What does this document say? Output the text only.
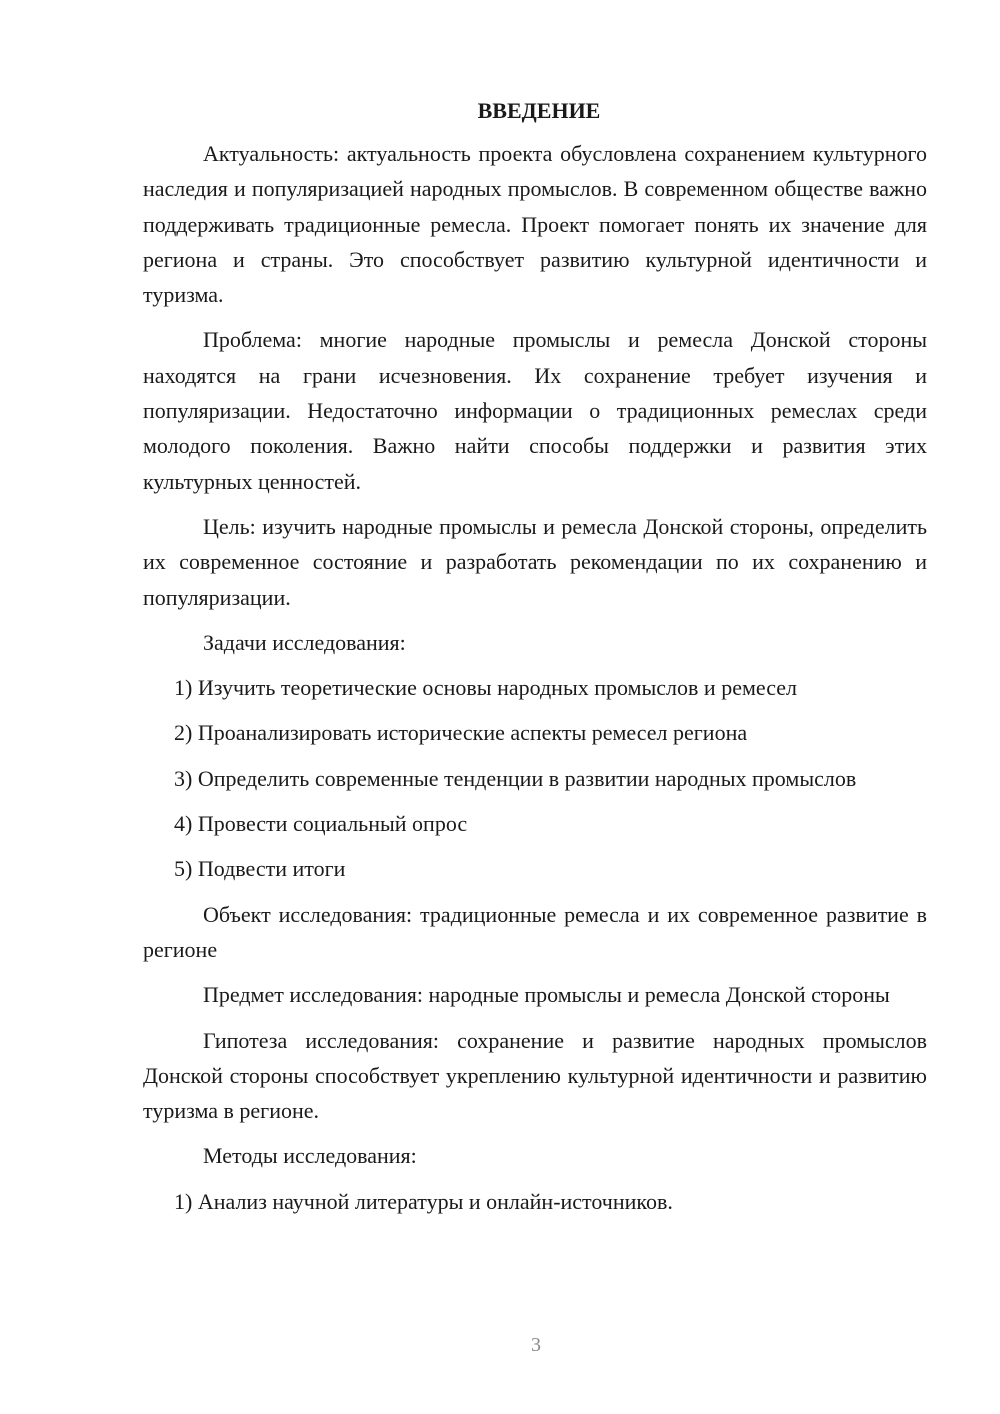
ВВЕДЕНИЕ

Актуальность: актуальность проекта обусловлена сохранением культурного наследия и популяризацией народных промыслов. В современном обществе важно поддерживать традиционные ремесла. Проект помогает понять их значение для региона и страны. Это способствует развитию культурной идентичности и туризма.

Проблема: многие народные промыслы и ремесла Донской стороны находятся на грани исчезновения. Их сохранение требует изучения и популяризации. Недостаточно информации о традиционных ремеслах среди молодого поколения. Важно найти способы поддержки и развития этих культурных ценностей.

Цель: изучить народные промыслы и ремесла Донской стороны, определить их современное состояние и разработать рекомендации по их сохранению и популяризации.

Задачи исследования:

1) Изучить теоретические основы народных промыслов и ремесел

2) Проанализировать исторические аспекты ремесел региона

3) Определить современные тенденции в развитии народных промыслов

4) Провести социальный опрос

5) Подвести итоги

Объект исследования: традиционные ремесла и их современное развитие в регионе

Предмет исследования: народные промыслы и ремесла Донской стороны

Гипотеза исследования: сохранение и развитие народных промыслов Донской стороны способствует укреплению культурной идентичности и развитию туризма в регионе.

Методы исследования:

1) Анализ научной литературы и онлайн-источников.

3
